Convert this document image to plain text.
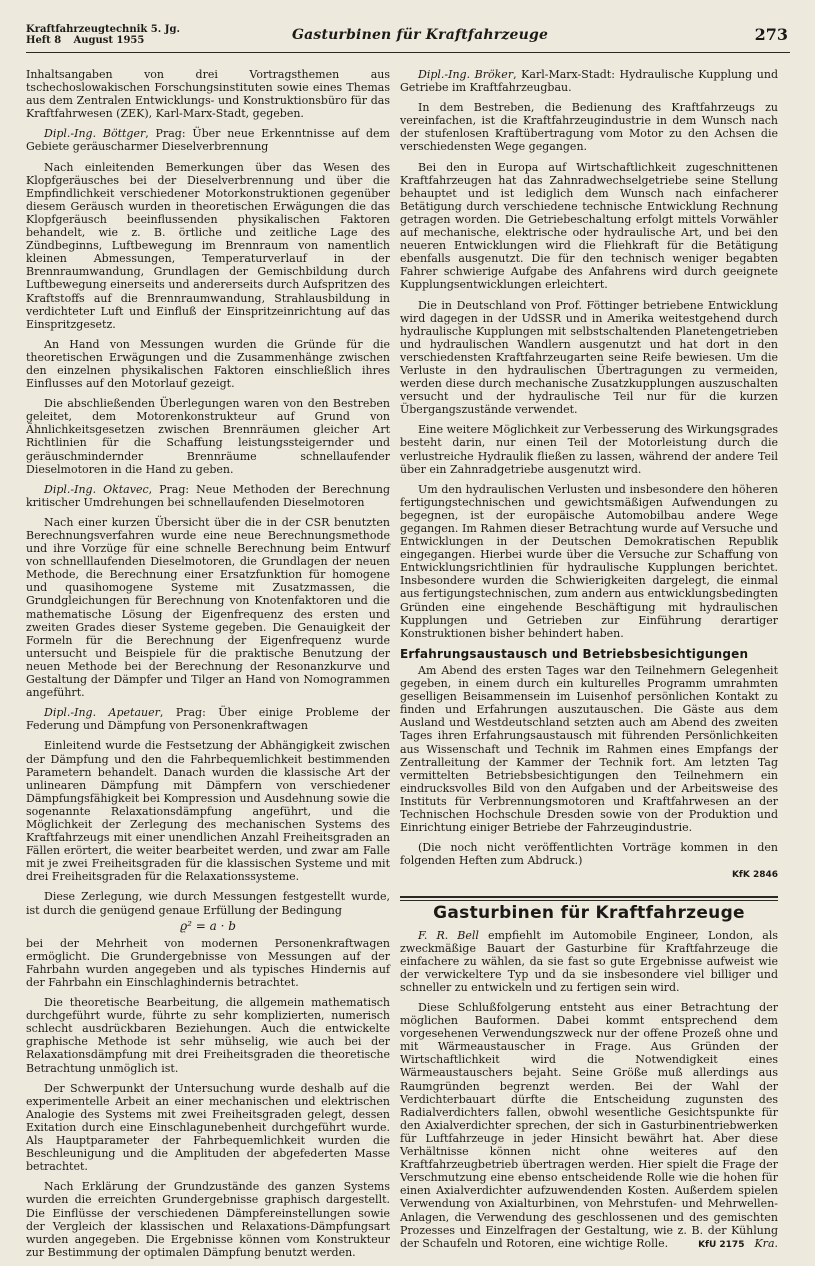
Kraftfahrzeugtechnik 5. Jg.
Heft 8 August 1955	Gasturbinen für Kraftfahrzeuge	273

Inhaltsangaben von drei Vortragsthemen aus tschechoslowakischen Forschungsinstituten sowie eines Themas aus dem Zentralen Entwicklungs- und Konstruktionsbüro für das Kraftfahrwesen (ZEK), Karl-Marx-Stadt, gegeben.

Dipl.-Ing. Böttger, Prag: Über neue Erkenntnisse auf dem Gebiete geräuscharmer Dieselverbrennung

Nach einleitenden Bemerkungen über das Wesen des Klopfgeräusches bei der Dieselverbrennung und über die Empfindlichkeit verschiedener Motorkonstruktionen gegenüber diesem Geräusch wurden in theoretischen Erwägungen die das Klopfgeräusch beeinflussenden physikalischen Faktoren behandelt, wie z. B. örtliche und zeitliche Lage des Zündbeginns, Luftbewegung im Brennraum von namentlich kleinen Abmessungen, Temperaturverlauf in der Brennraumwandung, Grundlagen der Gemischbildung durch Luftbewegung einerseits und andererseits durch Aufspritzen des Kraftstoffs auf die Brennraumwandung, Strahlausbildung in verdichteter Luft und Einfluß der Einspritzeinrichtung auf das Einspritzgesetz.

An Hand von Messungen wurden die Gründe für die theoretischen Erwägungen und die Zusammenhänge zwischen den einzelnen physikalischen Faktoren einschließlich ihres Einflusses auf den Motorlauf gezeigt.

Die abschließenden Überlegungen waren von den Bestreben geleitet, dem Motorenkonstrukteur auf Grund von Ähnlichkeitsgesetzen zwischen Brennräumen gleicher Art Richtlinien für die Schaffung leistungssteigernder und geräuschmindernder Brennräume schnellaufender Dieselmotoren in die Hand zu geben.

Dipl.-Ing. Oktavec, Prag: Neue Methoden der Berechnung kritischer Umdrehungen bei schnellaufenden Dieselmotoren

Nach einer kurzen Übersicht über die in der CSR benutzten Berechnungsverfahren wurde eine neue Berechnungsmethode und ihre Vorzüge für eine schnelle Berechnung beim Entwurf von schnelllaufenden Dieselmotoren, die Grundlagen der neuen Methode, die Berechnung einer Ersatzfunktion für homogene und quasihomogene Systeme mit Zusatzmassen, die Grundgleichungen für Berechnung von Knotenfaktoren und die mathematische Lösung der Eigenfrequenz des ersten und zweiten Grades dieser Systeme gegeben. Die Genauigkeit der Formeln für die Berechnung der Eigenfrequenz wurde untersucht und Beispiele für die praktische Benutzung der neuen Methode bei der Berechnung der Resonanzkurve und Gestaltung der Dämpfer und Tilger an Hand von Nomogrammen angeführt.

Dipl.-Ing. Apetauer, Prag: Über einige Probleme der Federung und Dämpfung von Personenkraftwagen

Einleitend wurde die Festsetzung der Abhängigkeit zwischen der Dämpfung und den die Fahrbequemlichkeit bestimmenden Parametern behandelt. Danach wurden die klassische Art der unlinearen Dämpfung mit Dämpfern von verschiedener Dämpfungsfähigkeit bei Kompression und Ausdehnung sowie die sogenannte Relaxationsdämpfung angeführt, und die Möglichkeit der Zerlegung des mechanischen Systems des Kraftfahrzeugs mit einer unendlichen Anzahl Freiheitsgraden an Fällen erörtert, die weiter bearbeitet werden, und zwar am Falle mit je zwei Freiheitsgraden für die klassischen Systeme und mit drei Freiheitsgraden für die Relaxationssysteme.

Diese Zerlegung, wie durch Messungen festgestellt wurde, ist durch die genügend genaue Erfüllung der Bedingung

ϱ² = a · b

bei der Mehrheit von modernen Personenkraftwagen ermöglicht. Die Grundergebnisse von Messungen auf der Fahrbahn wurden angegeben und als typisches Hindernis auf der Fahrbahn ein Einschlaghindernis betrachtet.

Die theoretische Bearbeitung, die allgemein mathematisch durchgeführt wurde, führte zu sehr komplizierten, numerisch schlecht ausdrückbaren Beziehungen. Auch die entwickelte graphische Methode ist sehr mühselig, wie auch bei der Relaxationsdämpfung mit drei Freiheitsgraden die theoretische Betrachtung unmöglich ist.

Der Schwerpunkt der Untersuchung wurde deshalb auf die experimentelle Arbeit an einer mechanischen und elektrischen Analogie des Systems mit zwei Freiheitsgraden gelegt, dessen Exitation durch eine Einschlagunebenheit durchgeführt wurde. Als Hauptparameter der Fahrbequemlichkeit wurden die Beschleunigung und die Amplituden der abgefederten Masse betrachtet.

Nach Erklärung der Grundzustände des ganzen Systems wurden die erreichten Grundergebnisse graphisch dargestellt. Die Einflüsse der verschiedenen Dämpfereinstellungen sowie der Vergleich der klassischen und Relaxations-Dämpfungsart wurden angegeben. Die Ergebnisse können vom Konstrukteur zur Bestimmung der optimalen Dämpfung benutzt werden.

Dipl.-Ing. Bröker, Karl-Marx-Stadt: Hydraulische Kupplung und Getriebe im Kraftfahrzeugbau.

In dem Bestreben, die Bedienung des Kraftfahrzeugs zu vereinfachen, ist die Kraftfahrzeugindustrie in dem Wunsch nach der stufenlosen Kraftübertragung vom Motor zu den Achsen die verschiedensten Wege gegangen.

Bei den in Europa auf Wirtschaftlichkeit zugeschnittenen Kraftfahrzeugen hat das Zahnradwechselgetriebe seine Stellung behauptet und ist lediglich dem Wunsch nach einfacherer Betätigung durch verschiedene technische Entwicklung Rechnung getragen worden. Die Getriebeschaltung erfolgt mittels Vorwähler auf mechanische, elektrische oder hydraulische Art, und bei den neueren Entwicklungen wird die Fliehkraft für die Betätigung ebenfalls ausgenutzt. Die für den technisch weniger begabten Fahrer schwierige Aufgabe des Anfahrens wird durch geeignete Kupplungsentwicklungen erleichtert.

Die in Deutschland von Prof. Föttinger betriebene Entwicklung wird dagegen in der UdSSR und in Amerika weitestgehend durch hydraulische Kupplungen mit selbstschaltenden Planetengetrieben und hydraulischen Wandlern ausgenutzt und hat dort in den verschiedensten Kraftfahrzeugarten seine Reife bewiesen. Um die Verluste in den hydraulischen Übertragungen zu vermeiden, werden diese durch mechanische Zusatzkupplungen auszuschalten versucht und der hydraulische Teil nur für die kurzen Übergangszustände verwendet.

Eine weitere Möglichkeit zur Verbesserung des Wirkungsgrades besteht darin, nur einen Teil der Motorleistung durch die verlustreiche Hydraulik fließen zu lassen, während der andere Teil über ein Zahnradgetriebe ausgenutzt wird.

Um den hydraulischen Verlusten und insbesondere den höheren fertigungstechnischen und gewichtsmäßigen Aufwendungen zu begegnen, ist der europäische Automobilbau andere Wege gegangen. Im Rahmen dieser Betrachtung wurde auf Versuche und Entwicklungen in der Deutschen Demokratischen Republik eingegangen. Hierbei wurde über die Versuche zur Schaffung von Entwicklungsrichtlinien für hydraulische Kupplungen berichtet. Insbesondere wurden die Schwierigkeiten dargelegt, die einmal aus fertigungstechnischen, zum andern aus entwicklungsbedingten Gründen eine eingehende Beschäftigung mit hydraulischen Kupplungen und Getrieben zur Einführung derartiger Konstruktionen bisher behindert haben.

Erfahrungsaustausch und Betriebsbesichtigungen

Am Abend des ersten Tages war den Teilnehmern Gelegenheit gegeben, in einem durch ein kulturelles Programm umrahmten geselligen Beisammensein im Luisenhof persönlichen Kontakt zu finden und Erfahrungen auszutauschen. Die Gäste aus dem Ausland und Westdeutschland setzten auch am Abend des zweiten Tages ihren Erfahrungsaustausch mit führenden Persönlichkeiten aus Wissenschaft und Technik im Rahmen eines Empfangs der Zentralleitung der Kammer der Technik fort. Am letzten Tag vermittelten Betriebsbesichtigungen den Teilnehmern ein eindrucksvolles Bild von den Aufgaben und der Arbeitsweise des Instituts für Verbrennungsmotoren und Kraftfahrwesen an der Technischen Hochschule Dresden sowie von der Produktion und Einrichtung einiger Betriebe der Fahrzeugindustrie.

(Die noch nicht veröffentlichten Vorträge kommen in den folgenden Heften zum Abdruck.)

KfK 2846
Gasturbinen für Kraftfahrzeuge

F. R. Bell empfiehlt im Automobile Engineer, London, als zweckmäßige Bauart der Gasturbine für Kraftfahrzeuge die einfachere zu wählen, da sie fast so gute Ergebnisse aufweist wie der verwickeltere Typ und da sie insbesondere viel billiger und schneller zu entwickeln und zu fertigen sein wird.

Diese Schlußfolgerung entsteht aus einer Betrachtung der möglichen Bauformen. Dabei kommt entsprechend dem vorgesehenen Verwendungszweck nur der offene Prozeß ohne und mit Wärmeaustauscher in Frage. Aus Gründen der Wirtschaftlichkeit wird die Notwendigkeit eines Wärmeaustauschers bejaht. Seine Größe muß allerdings aus Raumgründen begrenzt werden. Bei der Wahl der Verdichterbauart dürfte die Entscheidung zugunsten des Radialverdichters fallen, obwohl wesentliche Gesichtspunkte für den Axialverdichter sprechen, der sich in Gasturbinentriebwerken für Luftfahrzeuge in jeder Hinsicht bewährt hat. Aber diese Verhältnisse können nicht ohne weiteres auf den Kraftfahrzeugbetrieb übertragen werden. Hier spielt die Frage der Verschmutzung eine ebenso entscheidende Rolle wie die hohen für einen Axialverdichter aufzuwendenden Kosten. Außerdem spielen Verwendung von Axialturbinen, von Mehrstufen- und Mehrwellen-Anlagen, die Verwendung des geschlossenen und des gemischten Prozesses und Einzelfragen der Gestaltung, wie z. B. der Kühlung der Schaufeln und Rotoren, eine wichtige Rolle.	KfU 2175 Kra.
